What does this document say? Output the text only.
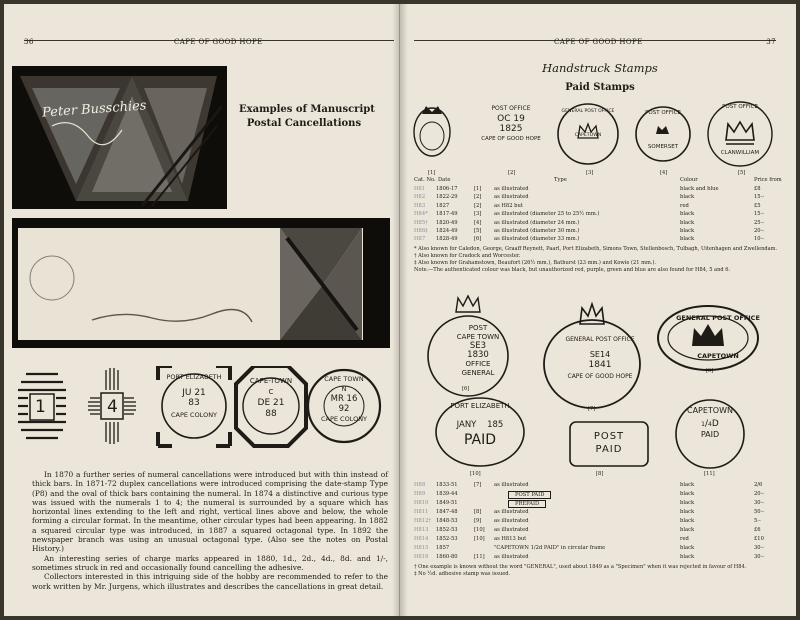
36	CAPE OF GOOD HOPE
Peter Busschies	Examples of Manuscript
Postal Cancellations
1	4
PORT ELIZABETH
JU 21
83
CAPE COLONY
CAPE-TOWN
C
DE 21
88
CAPE TOWN
N
MR 16
92
CAPE COLONY

In 1870 a further series of numeral cancellations were introduced but with thin instead of thick bars. In 1871-72 duplex cancellations were introduced comprising the date-stamp Type (P8) and the oval of thick bars containing the numeral. In 1874 a distinctive and curious type was issued with the numerals 1 to 4; the numeral is surrounded by a square which has horizontal lines extending to the left and right, vertical lines above and below, the whole forming a circular format. In the meantime, other circular types had been appearing. In 1882 a squared circular type was introduced, in 1887 a squared octagonal type. In 1892 the newspaper branch was using an unusual octagonal type. (Also see the notes on Postal History.)

An interesting series of charge marks appeared in 1880, 1d., 2d., 4d., 8d. and 1/-, sometimes struck in red and occasionally found cancelling the adhesive.

Collectors interested in this intriguing side of the hobby are recommended to refer to the work written by Mr. Jurgens, which illustrates and describes the cancellations in great detail.

CAPE OF GOOD HOPE	37
Handstruck Stamps
Paid Stamps
POST OFFICE
OC 19
1825
CAPE OF GOOD HOPE
GENERAL POST OFFICE
CAPETOWN
POST OFFICE
SOMERSET
POST OFFICE
CLANWILLIAM
[1]	[2]	[3]	[4]	[5]
Cat. No. Date	Type	Colour	Price from
H81 1806-17	[1] as illustrated	black and blue	£8
H82 1822-29	[2] as illustrated	black	15·-
H83 1827	[2] as H82 but	red	£5
H84* 1817-49	[3] as illustrated (diameter 25 to 25½ mm.)	black	15·-
H85† 1820-49	[4] as illustrated (diameter 24 mm.)	black	25·-
H86‡ 1824-49	[5] as illustrated (diameter 30 mm.)	black	20·-
H87 1828-49	[6] as illustrated (diameter 33 mm.)	black	10·-
* Also known for Caledon, George, Graaff Reynett, Paarl, Port Elizabeth, Simons Town, Stellenbosch, Tulbagh, Uitenhagen and Zwellendam.
† Also known for Cradock and Worcester.
‡ Also known for Grahamstown, Beaufort (26½ mm.), Bathurst (23 mm.) and Kowie (21 mm.).
Note.—The authenticated colour was black, but unauthorized red, purple, green and blue are also found for H84, 5 and 6.
POST
CAPE TOWN
SE3
1830
OFFICE
GENERAL
GENERAL POST OFFICE
SE14
1841
CAPE OF GOOD HOPE
GENERAL POST OFFICE
CAPETOWN
[6]
[7]
[9]
PORT ELIZABETH
JANY 185
PAID	POST
PAID
CAPETOWN
1/4D
PAID
[10]	[8]	[11]
H88 1833-51	[7] as illustrated	black	2/6
H89 1839-44	POST PAID	black	20·-
H810 1849-51	PREPAID	black	30·-
H811 1847-48	[8] as illustrated	black	50·-
H812† 1848-53	[9] as illustrated	black	5·-
H813 1852-53	[10] as illustrated	black	£6
H814 1852-53	[10] as H813 but	red	£10
H815 1857	"CAPETOWN 1/2d PAID" in circular frame	black	30·-
H816 1860-80	[11] as illustrated	black	30·-
† One example is known without the word "GENERAL", used about 1849 as a "Specimen" when it was rejected in favour of H84.
‡ No ½d. adhesive stamp was issued.
